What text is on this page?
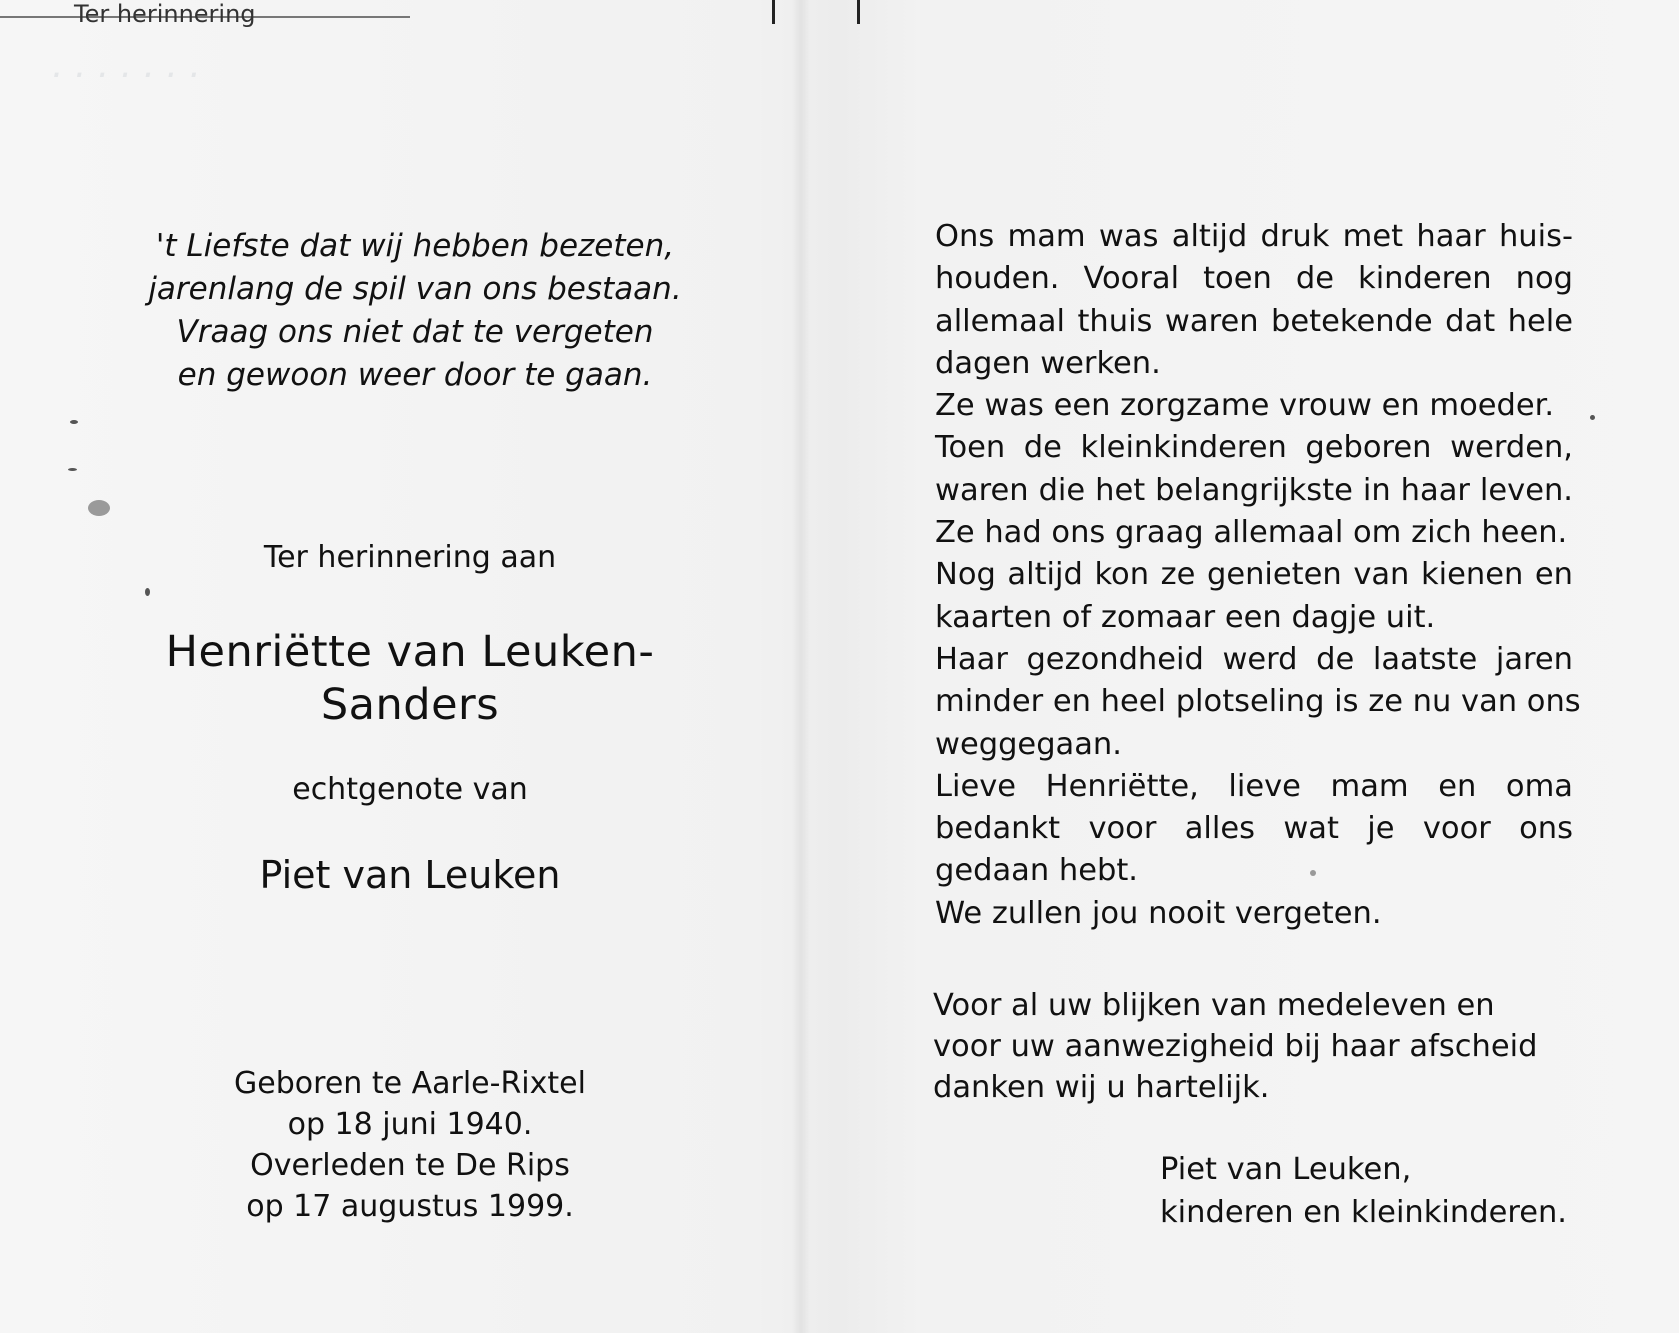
Ter herinnering
· · · · · · ·
't Liefste dat wij hebben bezeten,
jarenlang de spil van ons bestaan.
Vraag ons niet dat te vergeten
en gewoon weer door te gaan.
Ter herinnering aan
Henriëtte van Leuken-
Sanders
echtgenote van
Piet van Leuken
Geboren te Aarle-Rixtel
op 18 juni 1940.
Overleden te De Rips
op 17 augustus 1999.
Ons mam was altijd druk met haar huis-
houden. Vooral toen de kinderen nog
allemaal thuis waren betekende dat hele
dagen werken.
Ze was een zorgzame vrouw en moeder.
Toen de kleinkinderen geboren werden,
waren die het belangrijkste in haar leven.
Ze had ons graag allemaal om zich heen.
Nog altijd kon ze genieten van kienen en
kaarten of zomaar een dagje uit.
Haar gezondheid werd de laatste jaren
minder en heel plotseling is ze nu van ons
weggegaan.
Lieve Henriëtte, lieve mam en oma
bedankt voor alles wat je voor ons
gedaan hebt.
We zullen jou nooit vergeten.
Voor al uw blijken van medeleven en
voor uw aanwezigheid bij haar afscheid
danken wij u hartelijk.
Piet van Leuken,
kinderen en kleinkinderen.
